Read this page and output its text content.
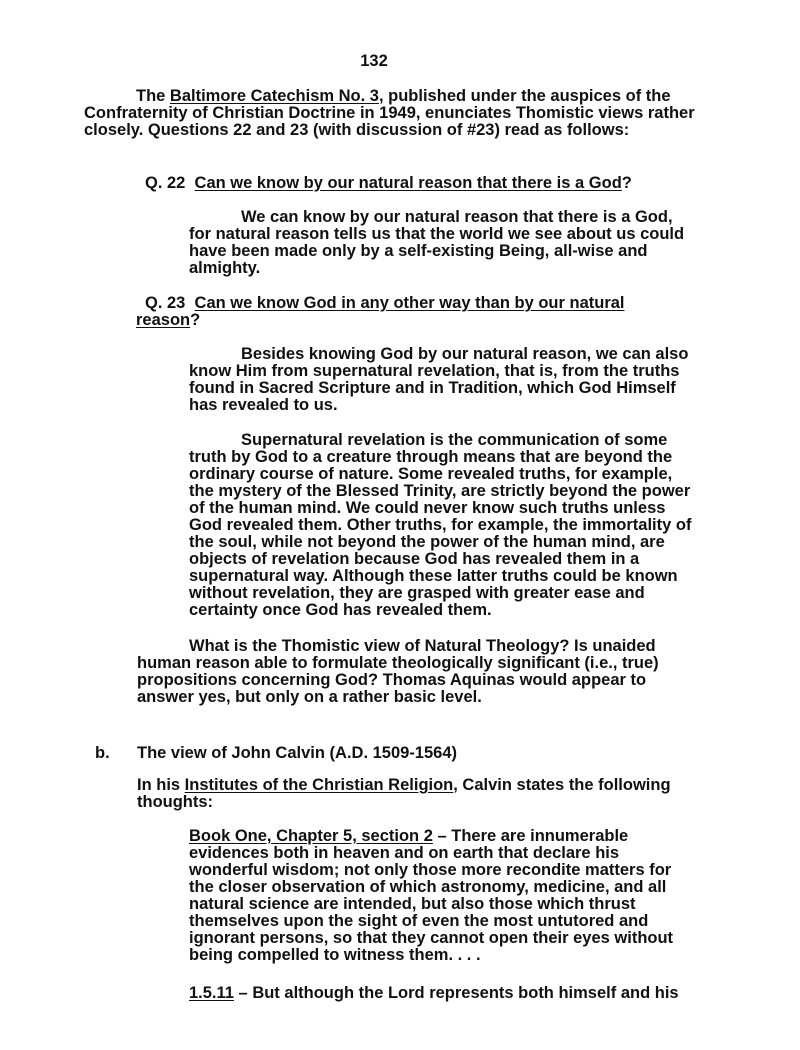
132

The Baltimore Catechism No. 3, published under the auspices of the Confraternity of Christian Doctrine in 1949, enunciates Thomistic views rather closely. Questions 22 and 23 (with discussion of #23) read as follows:

Q. 22 Can we know by our natural reason that there is a God?

We can know by our natural reason that there is a God, for natural reason tells us that the world we see about us could have been made only by a self-existing Being, all-wise and almighty.

Q. 23 Can we know God in any other way than by our natural
reason?

Besides knowing God by our natural reason, we can also know Him from supernatural revelation, that is, from the truths found in Sacred Scripture and in Tradition, which God Himself has revealed to us.

Supernatural revelation is the communication of some truth by God to a creature through means that are beyond the ordinary course of nature. Some revealed truths, for example, the mystery of the Blessed Trinity, are strictly beyond the power of the human mind. We could never know such truths unless God revealed them. Other truths, for example, the immortality of the soul, while not beyond the power of the human mind, are objects of revelation because God has revealed them in a supernatural way. Although these latter truths could be known without revelation, they are grasped with greater ease and certainty once God has revealed them.

What is the Thomistic view of Natural Theology? Is unaided human reason able to formulate theologically significant (i.e., true) propositions concerning God? Thomas Aquinas would appear to answer yes, but only on a rather basic level.

b. The view of John Calvin (A.D. 1509-1564)

In his Institutes of the Christian Religion, Calvin states the following thoughts:

Book One, Chapter 5, section 2 – There are innumerable evidences both in heaven and on earth that declare his wonderful wisdom; not only those more recondite matters for the closer observation of which astronomy, medicine, and all natural science are intended, but also those which thrust themselves upon the sight of even the most untutored and ignorant persons, so that they cannot open their eyes without being compelled to witness them. . . .

1.5.11 – But although the Lord represents both himself and his
